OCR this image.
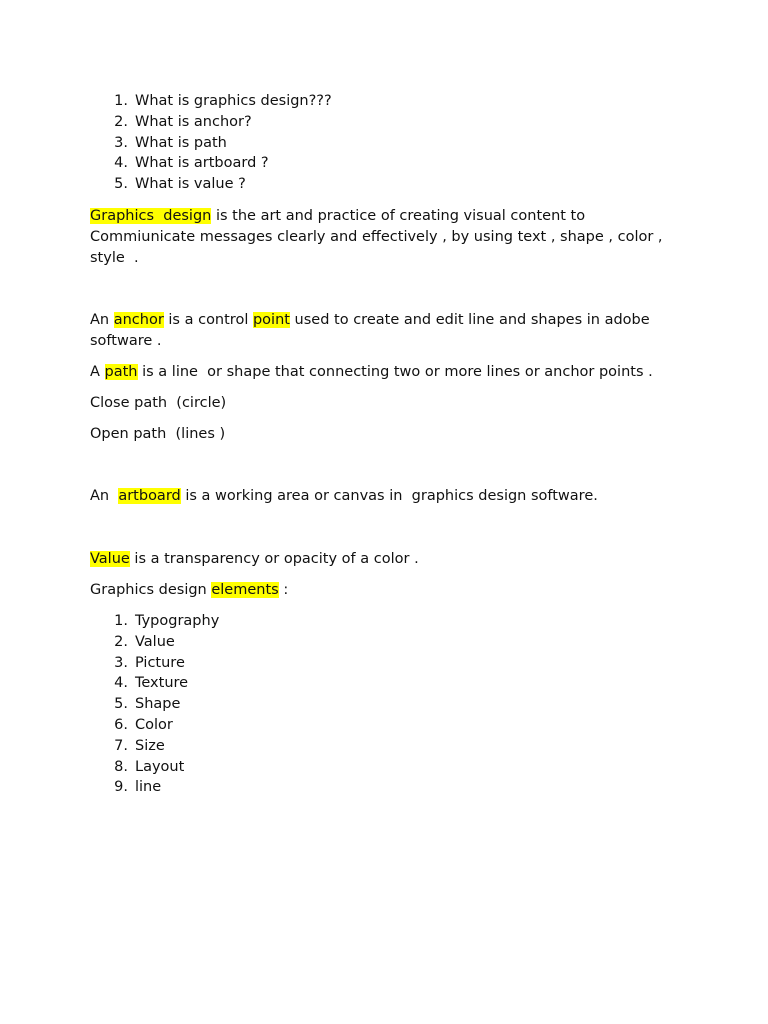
1. What is graphics design???
2. What is anchor?
3. What is path
4. What is artboard ?
5. What is value ?

Graphics  design is the art and practice of creating visual content to Commiunicate messages clearly and effectively , by using text , shape , color , style  .

An anchor is a control point used to create and edit line and shapes in adobe software .

A path is a line  or shape that connecting two or more lines or anchor points .

Close path  (circle)

Open path  (lines )

An  artboard is a working area or canvas in  graphics design software.

Value is a transparency or opacity of a color .

Graphics design elements :

1. Typography
2. Value
3. Picture
4. Texture
5. Shape
6. Color
7. Size
8. Layout
9. line
